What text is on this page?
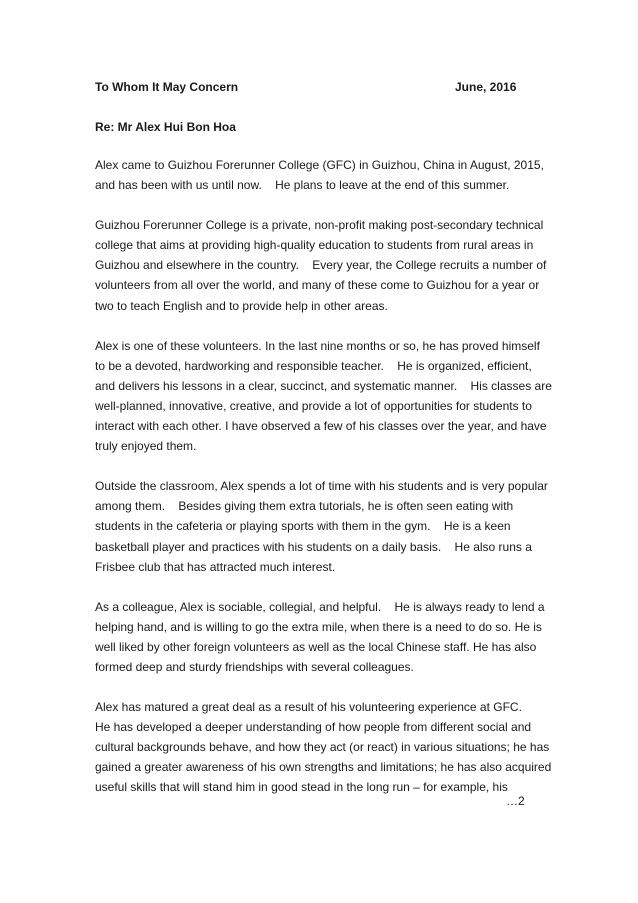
To Whom It May Concern	June, 2016
Re: Mr Alex Hui Bon Hoa
Alex came to Guizhou Forerunner College (GFC) in Guizhou, China in August, 2015,
and has been with us until now.    He plans to leave at the end of this summer.
Guizhou Forerunner College is a private, non-profit making post-secondary technical
college that aims at providing high-quality education to students from rural areas in
Guizhou and elsewhere in the country.    Every year, the College recruits a number of
volunteers from all over the world, and many of these come to Guizhou for a year or
two to teach English and to provide help in other areas.
Alex is one of these volunteers. In the last nine months or so, he has proved himself
to be a devoted, hardworking and responsible teacher.    He is organized, efficient,
and delivers his lessons in a clear, succinct, and systematic manner.    His classes are
well-planned, innovative, creative, and provide a lot of opportunities for students to
interact with each other. I have observed a few of his classes over the year, and have
truly enjoyed them.
Outside the classroom, Alex spends a lot of time with his students and is very popular
among them.    Besides giving them extra tutorials, he is often seen eating with
students in the cafeteria or playing sports with them in the gym.    He is a keen
basketball player and practices with his students on a daily basis.    He also runs a
Frisbee club that has attracted much interest.
As a colleague, Alex is sociable, collegial, and helpful.    He is always ready to lend a
helping hand, and is willing to go the extra mile, when there is a need to do so. He is
well liked by other foreign volunteers as well as the local Chinese staff. He has also
formed deep and sturdy friendships with several colleagues.
Alex has matured a great deal as a result of his volunteering experience at GFC.
He has developed a deeper understanding of how people from different social and
cultural backgrounds behave, and how they act (or react) in various situations; he has
gained a greater awareness of his own strengths and limitations; he has also acquired
useful skills that will stand him in good stead in the long run – for example, his
…2
